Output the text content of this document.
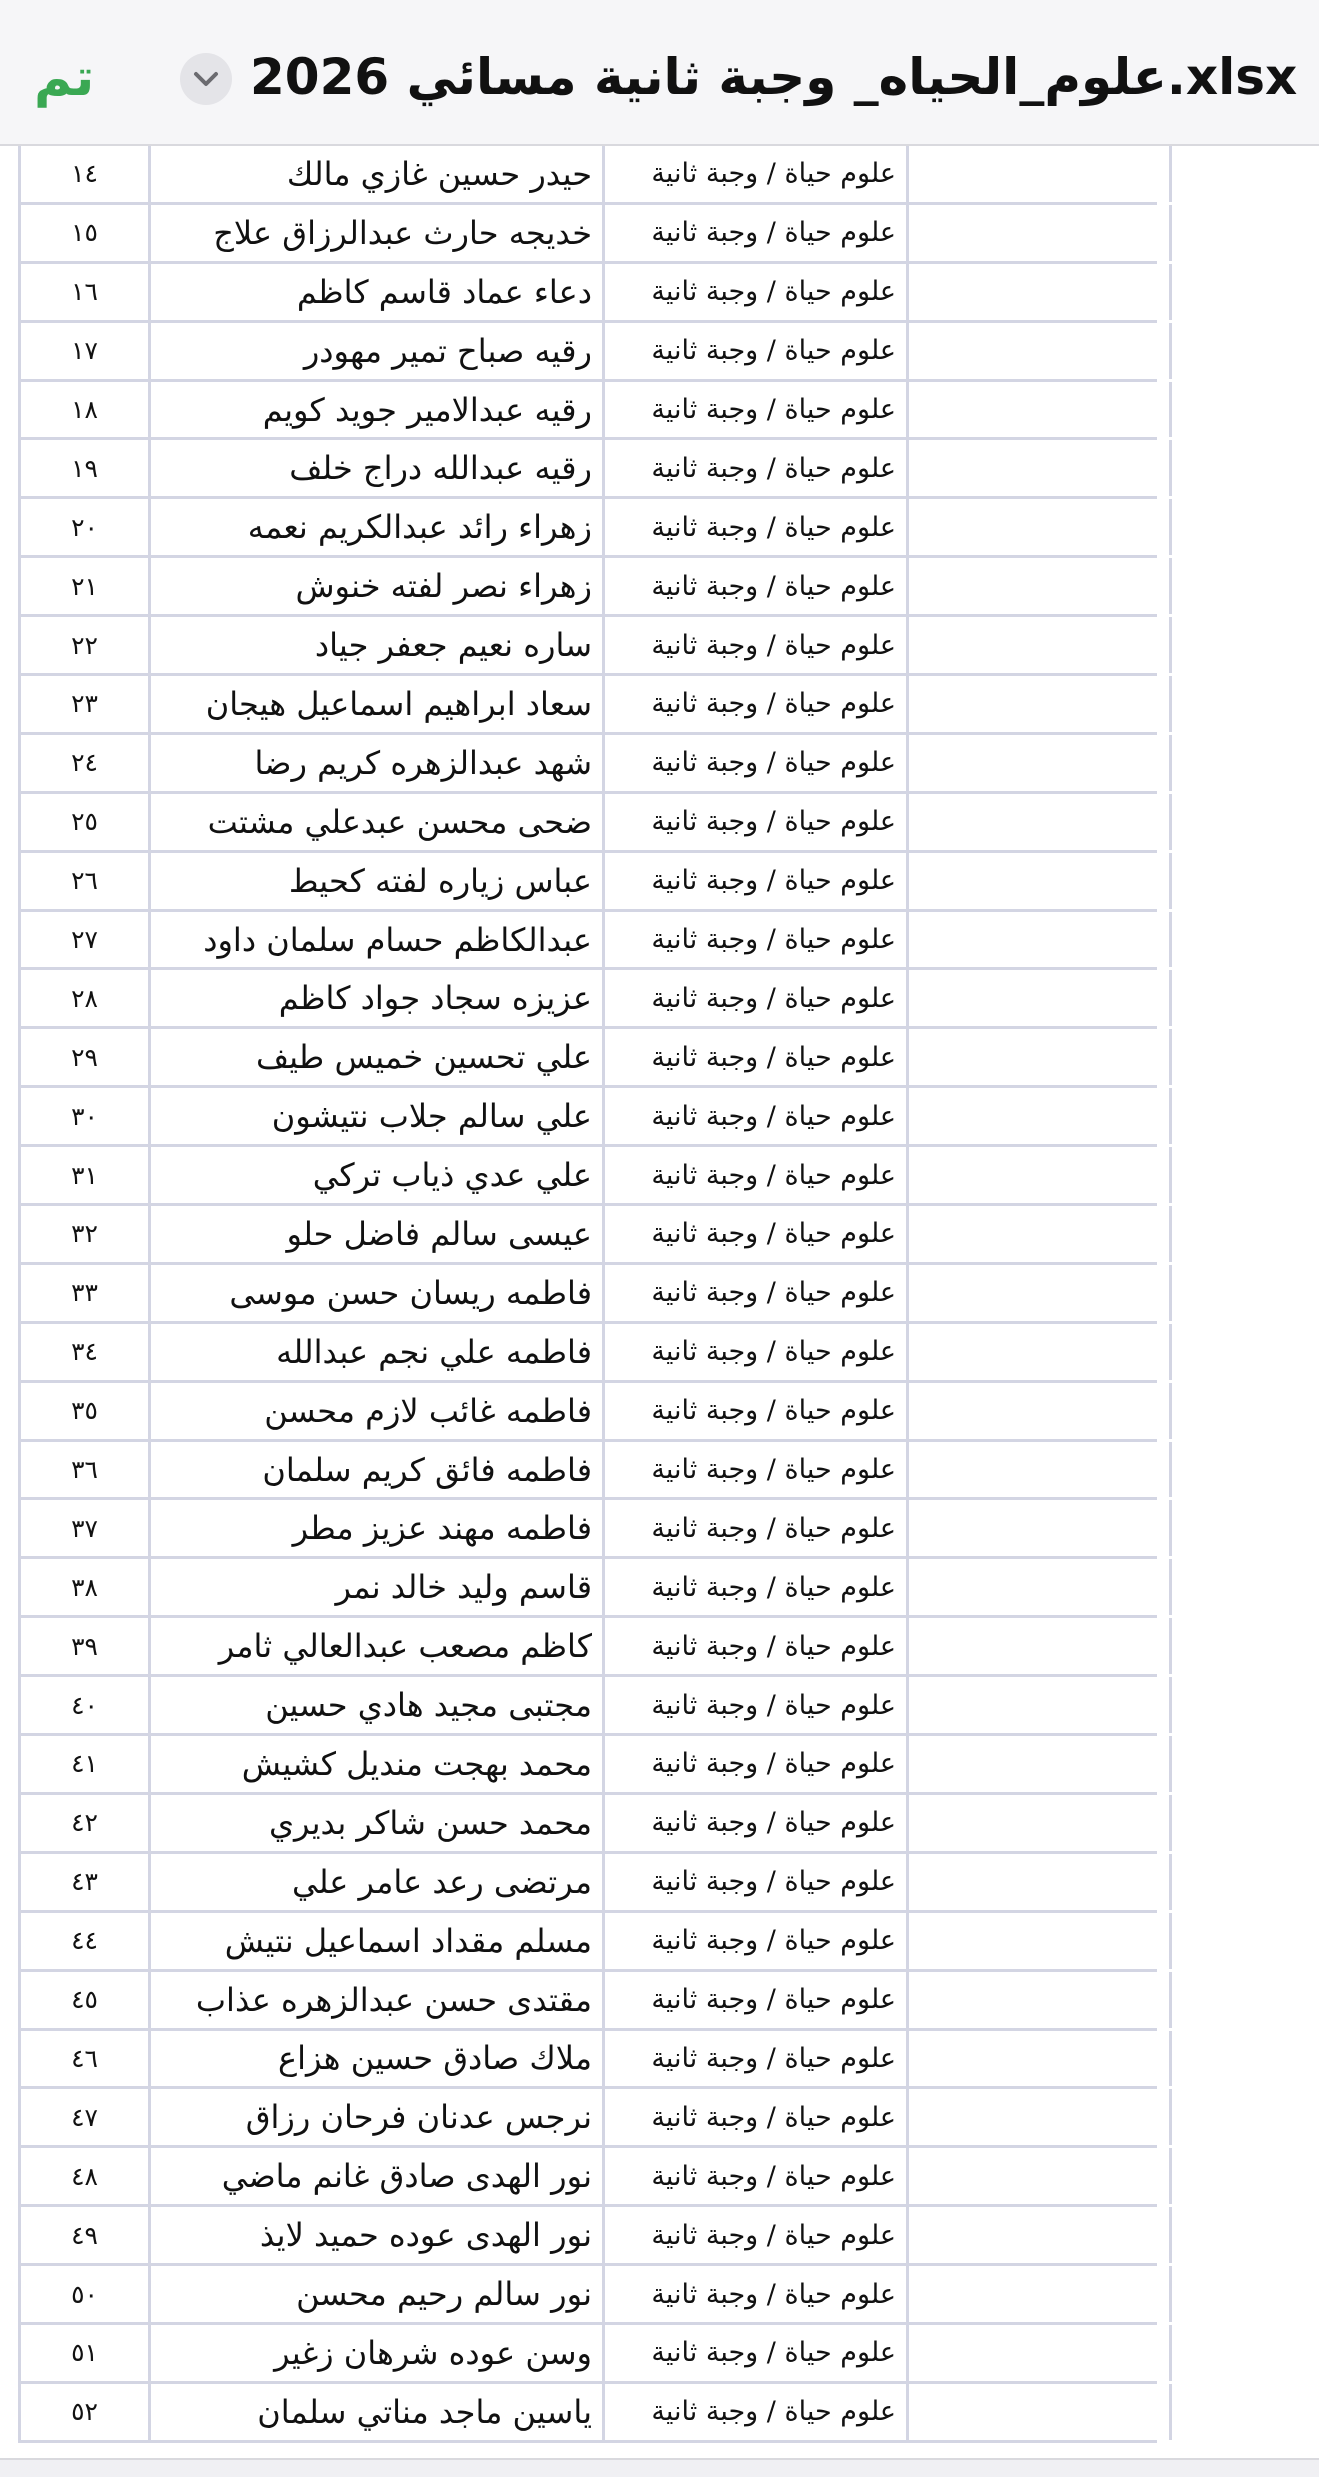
تم	علوم_الحياه_ وجبة ثانية مسائي 2026.xlsx
١٤	حيدر حسين غازي مالك	علوم حياة / وجبة ثانية
١٥	خديجه حارث عبدالرزاق علاج	علوم حياة / وجبة ثانية
١٦	دعاء عماد قاسم كاظم	علوم حياة / وجبة ثانية
١٧	رقيه صباح تمير مهودر	علوم حياة / وجبة ثانية
١٨	رقيه عبدالامير جويد كويم	علوم حياة / وجبة ثانية
١٩	رقيه عبدالله دراج خلف	علوم حياة / وجبة ثانية
٢٠	زهراء رائد عبدالكريم نعمه	علوم حياة / وجبة ثانية
٢١	زهراء نصر لفته خنوش	علوم حياة / وجبة ثانية
٢٢	ساره نعيم جعفر جياد	علوم حياة / وجبة ثانية
٢٣	سعاد ابراهيم اسماعيل هيجان	علوم حياة / وجبة ثانية
٢٤	شهد عبدالزهره كريم رضا	علوم حياة / وجبة ثانية
٢٥	ضحى محسن عبدعلي مشتت	علوم حياة / وجبة ثانية
٢٦	عباس زياره لفته كحيط	علوم حياة / وجبة ثانية
٢٧	عبدالكاظم حسام سلمان داود	علوم حياة / وجبة ثانية
٢٨	عزيزه سجاد جواد كاظم	علوم حياة / وجبة ثانية
٢٩	علي تحسين خميس طيف	علوم حياة / وجبة ثانية
٣٠	علي سالم جلاب نتيشون	علوم حياة / وجبة ثانية
٣١	علي عدي ذياب تركي	علوم حياة / وجبة ثانية
٣٢	عيسى سالم فاضل حلو	علوم حياة / وجبة ثانية
٣٣	فاطمه ريسان حسن موسى	علوم حياة / وجبة ثانية
٣٤	فاطمه علي نجم عبدالله	علوم حياة / وجبة ثانية
٣٥	فاطمه غائب لازم محسن	علوم حياة / وجبة ثانية
٣٦	فاطمه فائق كريم سلمان	علوم حياة / وجبة ثانية
٣٧	فاطمه مهند عزيز مطر	علوم حياة / وجبة ثانية
٣٨	قاسم وليد خالد نمر	علوم حياة / وجبة ثانية
٣٩	كاظم مصعب عبدالعالي ثامر	علوم حياة / وجبة ثانية
٤٠	مجتبى مجيد هادي حسين	علوم حياة / وجبة ثانية
٤١	محمد بهجت منديل كشيش	علوم حياة / وجبة ثانية
٤٢	محمد حسن شاكر بديري	علوم حياة / وجبة ثانية
٤٣	مرتضى رعد عامر علي	علوم حياة / وجبة ثانية
٤٤	مسلم مقداد اسماعيل نتيش	علوم حياة / وجبة ثانية
٤٥	مقتدى حسن عبدالزهره عذاب	علوم حياة / وجبة ثانية
٤٦	ملاك صادق حسين هزاع	علوم حياة / وجبة ثانية
٤٧	نرجس عدنان فرحان رزاق	علوم حياة / وجبة ثانية
٤٨	نور الهدى صادق غانم ماضي	علوم حياة / وجبة ثانية
٤٩	نور الهدى عوده حميد لايذ	علوم حياة / وجبة ثانية
٥٠	نور سالم رحيم محسن	علوم حياة / وجبة ثانية
٥١	وسن عوده شرهان زغير	علوم حياة / وجبة ثانية
٥٢	ياسين ماجد مناتي سلمان	علوم حياة / وجبة ثانية
